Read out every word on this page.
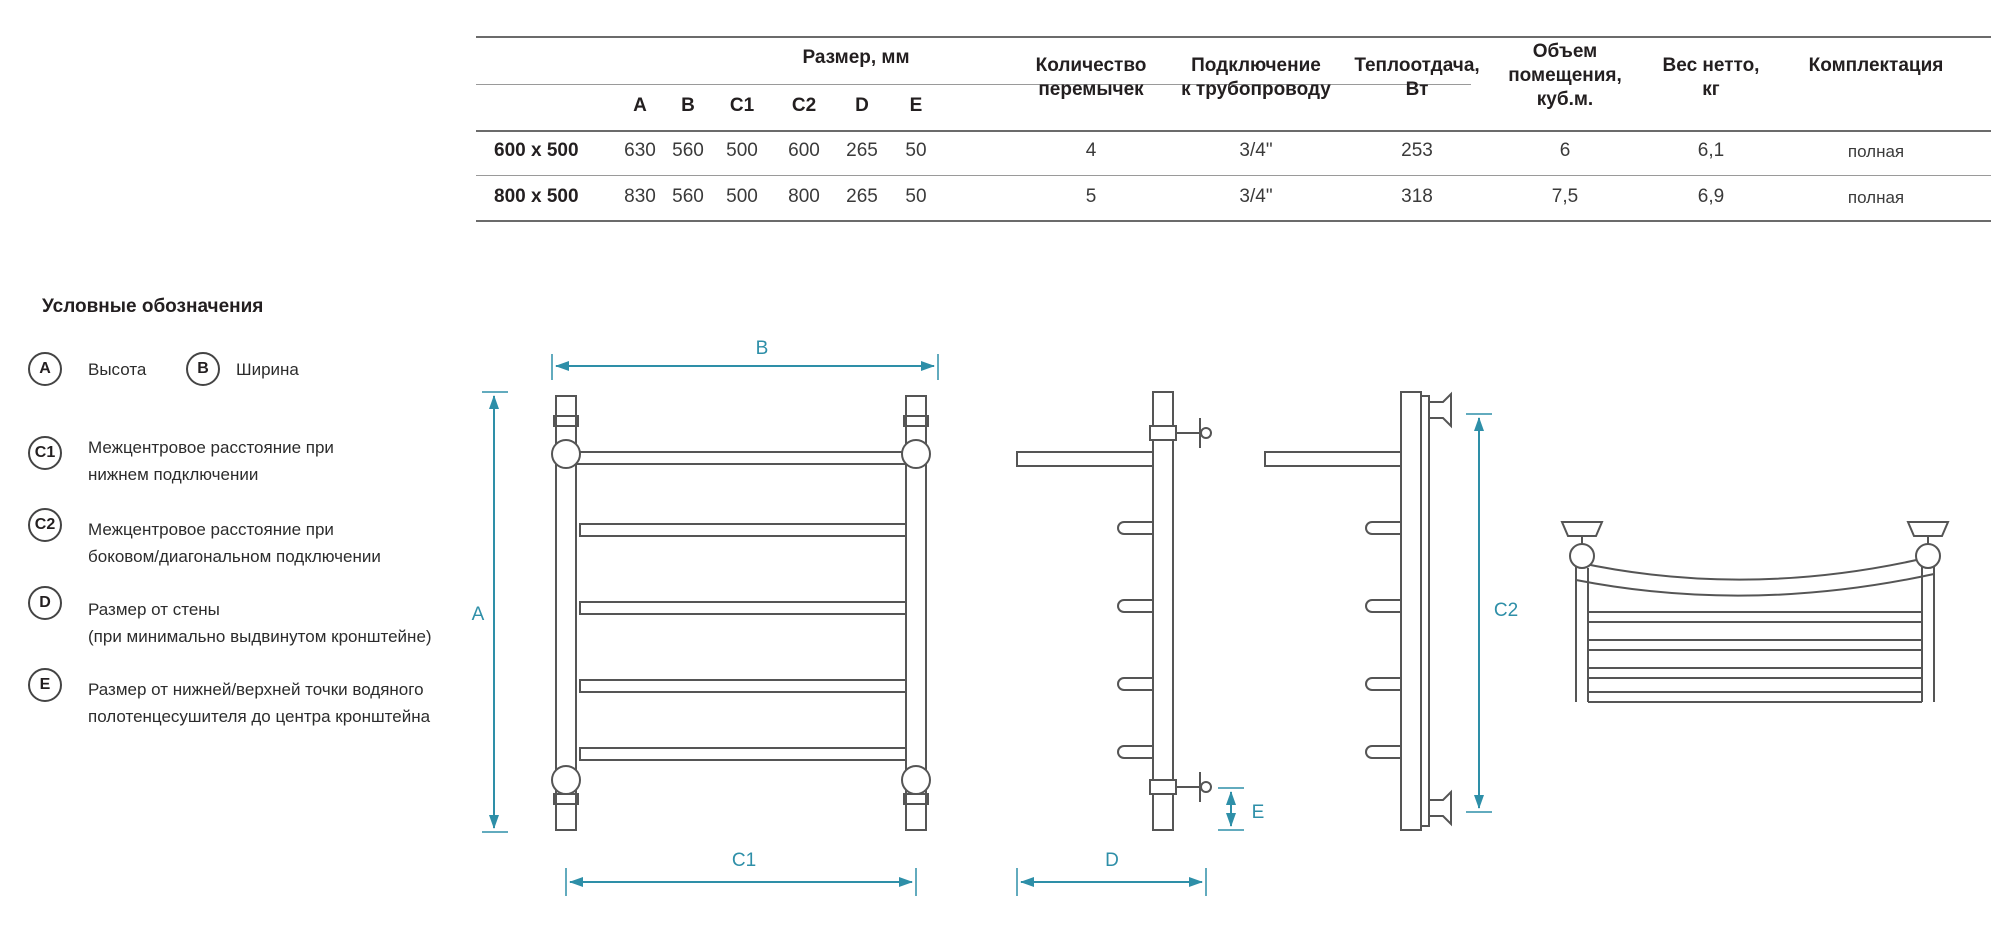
Размер, мм
A	B	C1	C2	D	E
Количество
перемычек
Подключение
к трубопроводу
Теплоотдача,
Вт
Объем
помещения,
куб.м.
Вес нетто,
кг
Комплектация
600 x 500	630 560 500 600 265	50	4	3/4"	253	6	6,1	полная
800 x 500	830 560 500 800 265	50	5	3/4"	318	7,5	6,9	полная
Условные обозначения
A	Высота	B	Ширина
C1	Межцентровое расстояние при
нижнем подключении
C2	Межцентровое расстояние при
боковом/диагональном подключении
D	Размер от стены
(при минимально выдвинутом кронштейне)
E	Размер от нижней/верхней точки водяного
полотенцесушителя до центра кронштейна
B
A
C1	D
E
C2
